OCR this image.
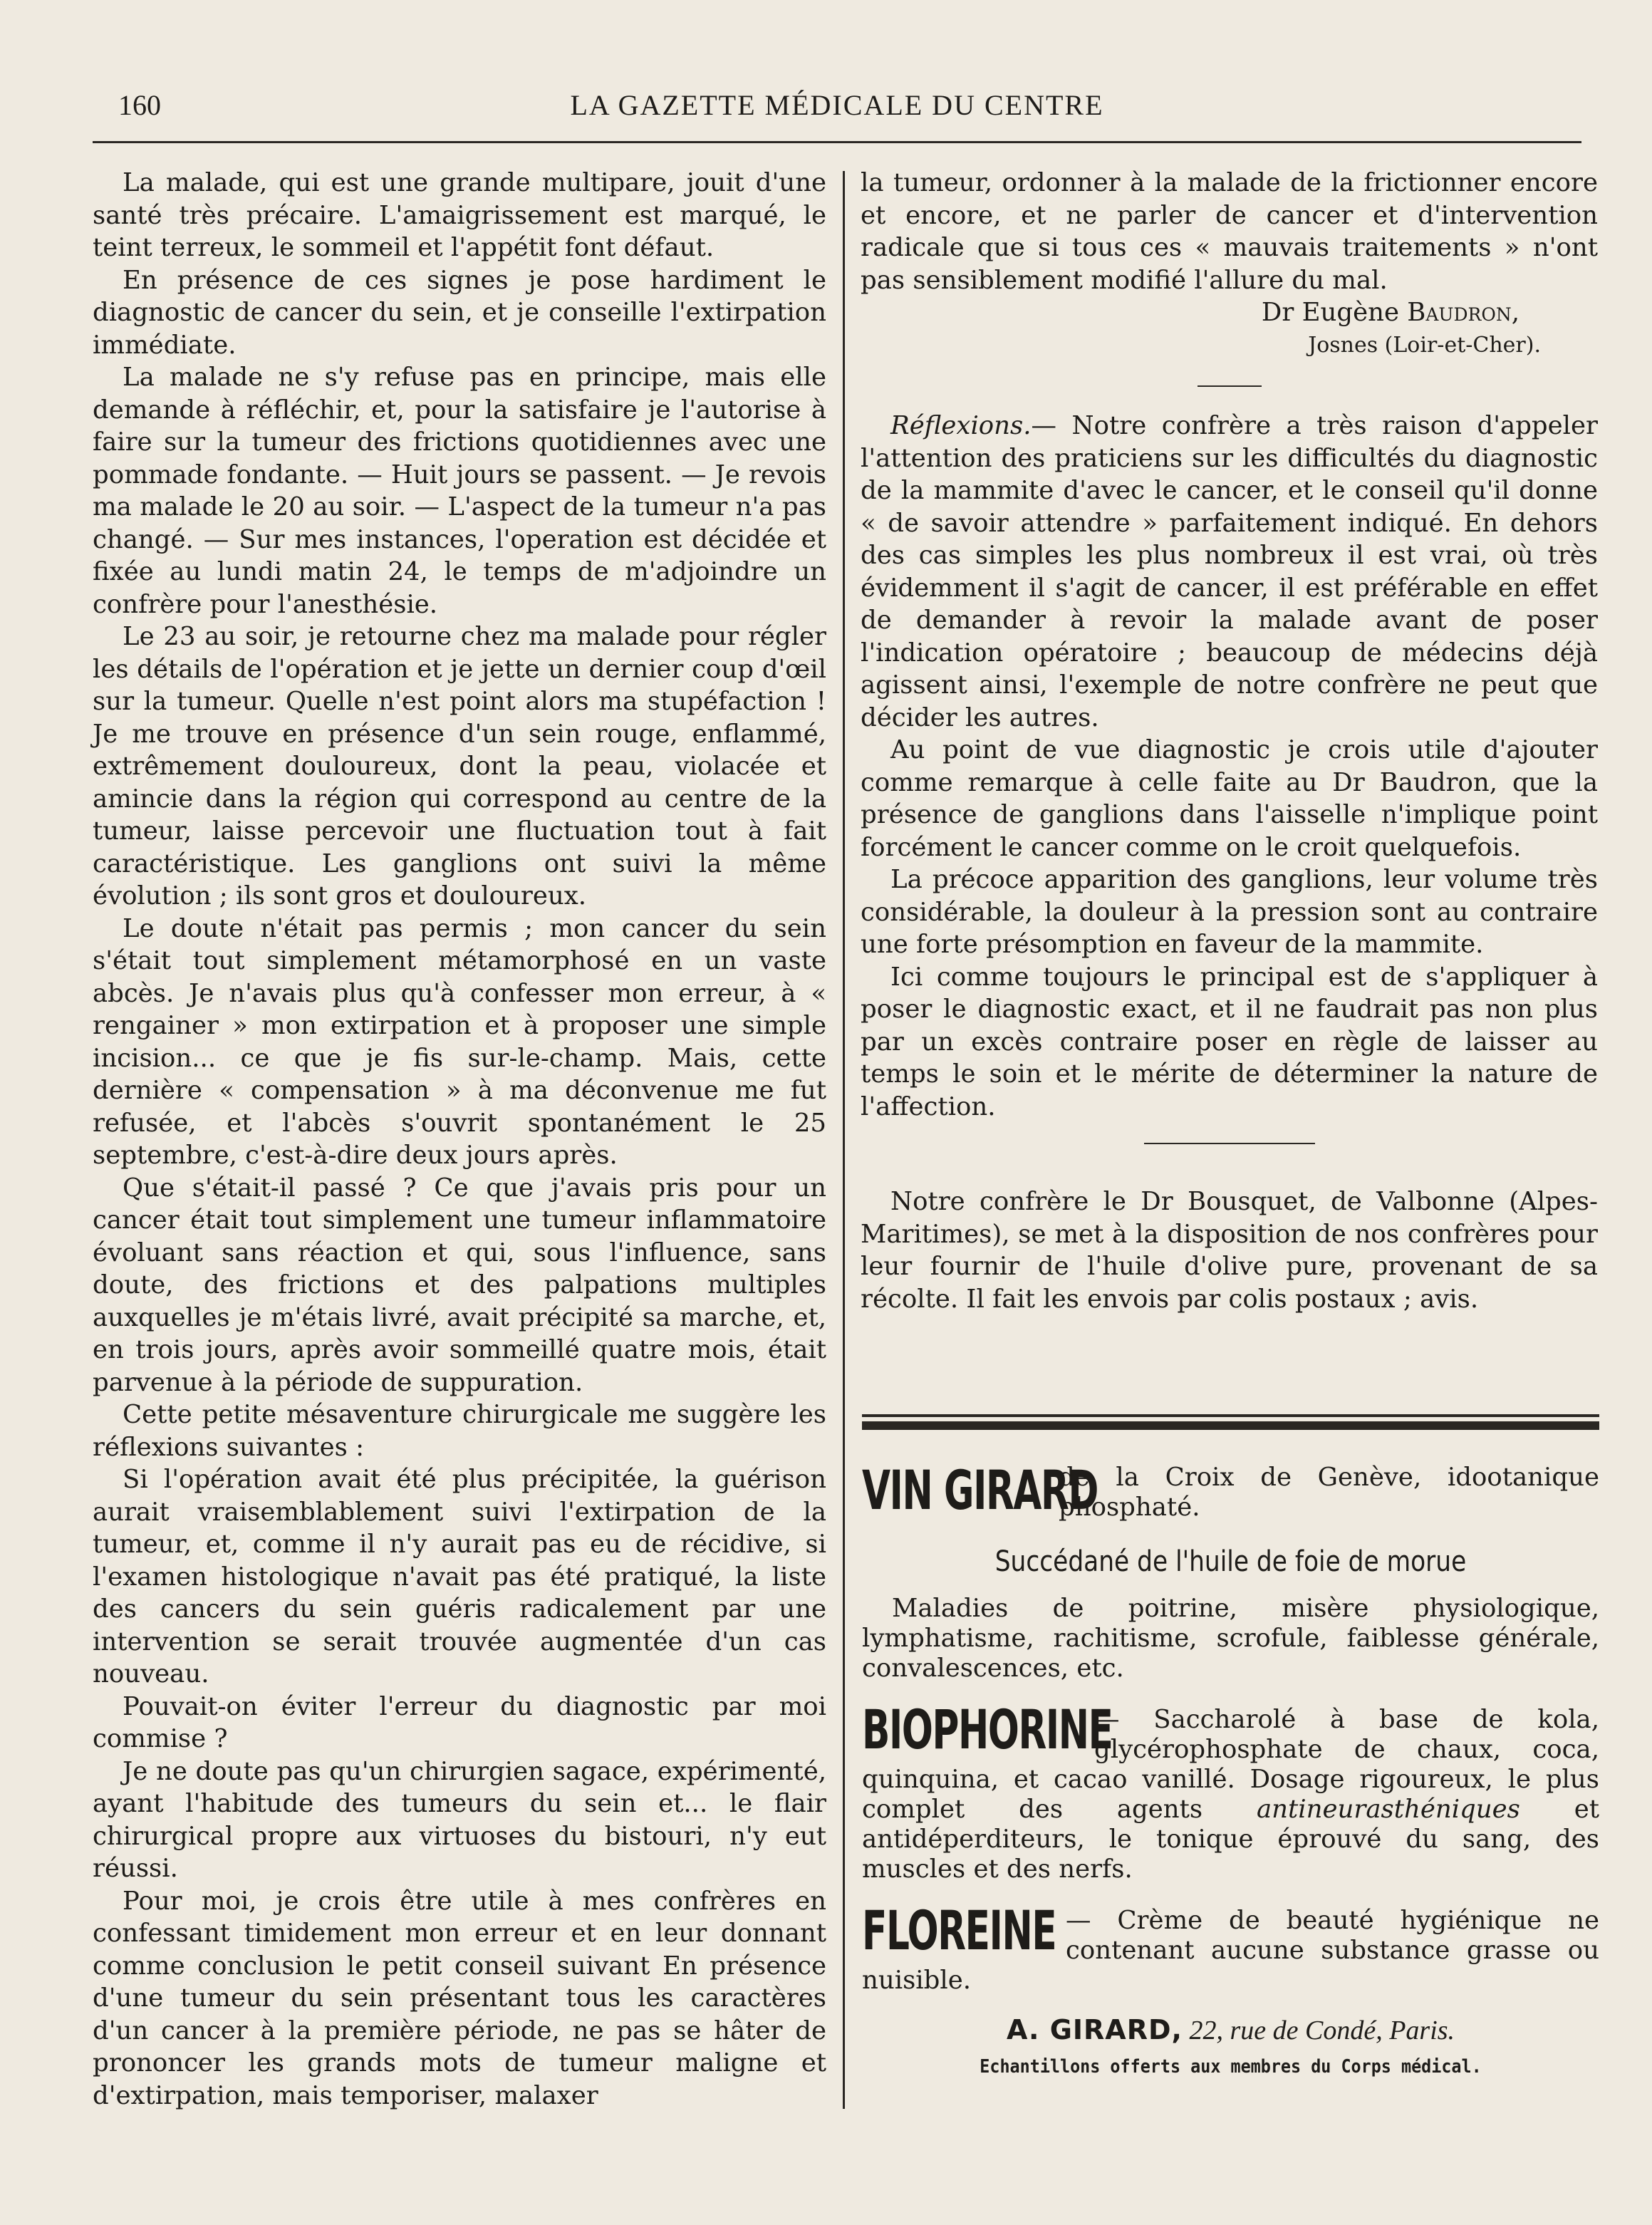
160	LA GAZETTE MÉDICALE DU CENTRE

La malade, qui est une grande multipare, jouit d'une santé très précaire. L'amaigrissement est marqué, le teint terreux, le sommeil et l'appétit font défaut.

En présence de ces signes je pose hardiment le diagnostic de cancer du sein, et je conseille l'extirpation immédiate.

La malade ne s'y refuse pas en principe, mais elle demande à réfléchir, et, pour la satisfaire je l'autorise à faire sur la tumeur des frictions quotidiennes avec une pommade fondante. — Huit jours se passent. — Je revois ma malade le 20 au soir. — L'aspect de la tumeur n'a pas changé. — Sur mes instances, l'operation est décidée et fixée au lundi matin 24, le temps de m'adjoindre un confrère pour l'anesthésie.

Le 23 au soir, je retourne chez ma malade pour régler les détails de l'opération et je jette un dernier coup d'œil sur la tumeur. Quelle n'est point alors ma stupéfaction ! Je me trouve en présence d'un sein rouge, enflammé, extrêmement douloureux, dont la peau, violacée et amincie dans la région qui correspond au centre de la tumeur, laisse percevoir une fluctuation tout à fait caractéristique. Les ganglions ont suivi la même évolution ; ils sont gros et douloureux.

Le doute n'était pas permis ; mon cancer du sein s'était tout simplement métamorphosé en un vaste abcès. Je n'avais plus qu'à confesser mon erreur, à « rengainer » mon extirpation et à proposer une simple incision... ce que je fis sur-le-champ. Mais, cette dernière « compensation » à ma déconvenue me fut refusée, et l'abcès s'ouvrit spontanément le 25 septembre, c'est-à-dire deux jours après.

Que s'était-il passé ? Ce que j'avais pris pour un cancer était tout simplement une tumeur inflammatoire évoluant sans réaction et qui, sous l'influence, sans doute, des frictions et des palpations multiples auxquelles je m'étais livré, avait précipité sa marche, et, en trois jours, après avoir sommeillé quatre mois, était parvenue à la période de suppuration.

Cette petite mésaventure chirurgicale me suggère les réflexions suivantes :

Si l'opération avait été plus précipitée, la guérison aurait vraisemblablement suivi l'extirpation de la tumeur, et, comme il n'y aurait pas eu de récidive, si l'examen histologique n'avait pas été pratiqué, la liste des cancers du sein guéris radicalement par une intervention se serait trouvée augmentée d'un cas nouveau.

Pouvait-on éviter l'erreur du diagnostic par moi commise ?

Je ne doute pas qu'un chirurgien sagace, expérimenté, ayant l'habitude des tumeurs du sein et... le flair chirurgical propre aux virtuoses du bistouri, n'y eut réussi.

Pour moi, je crois être utile à mes confrères en confessant timidement mon erreur et en leur donnant comme conclusion le petit conseil suivant En présence d'une tumeur du sein présentant tous les caractères d'un cancer à la première période, ne pas se hâter de prononcer les grands mots de tumeur maligne et d'extirpation, mais temporiser, malaxer

la tumeur, ordonner à la malade de la frictionner encore et encore, et ne parler de cancer et d'intervention radicale que si tous ces « mauvais traitements » n'ont pas sensiblement modifié l'allure du mal.

Dr Eugène Baudron,

Josnes (Loir-et-Cher).

Réflexions.— Notre confrère a très raison d'appeler l'attention des praticiens sur les difficultés du diagnostic de la mammite d'avec le cancer, et le conseil qu'il donne « de savoir attendre » parfaitement indiqué. En dehors des cas simples les plus nombreux il est vrai, où très évidemment il s'agit de cancer, il est préférable en effet de demander à revoir la malade avant de poser l'indication opératoire ; beaucoup de médecins déjà agissent ainsi, l'exemple de notre confrère ne peut que décider les autres.

Au point de vue diagnostic je crois utile d'ajouter comme remarque à celle faite au Dr Baudron, que la présence de ganglions dans l'aisselle n'implique point forcément le cancer comme on le croit quelquefois.

La précoce apparition des ganglions, leur volume très considérable, la douleur à la pression sont au contraire une forte présomption en faveur de la mammite.

Ici comme toujours le principal est de s'appliquer à poser le diagnostic exact, et il ne faudrait pas non plus par un excès contraire poser en règle de laisser au temps le soin et le mérite de déterminer la nature de l'affection.

Notre confrère le Dr Bousquet, de Valbonne (Alpes-Maritimes), se met à la disposition de nos confrères pour leur fournir de l'huile d'olive pure, provenant de sa récolte. Il fait les envois par colis postaux ; avis.

VIN GIRARD
de la Croix de Genève, idootanique phosphaté.
Succédané de l'huile de foie de morue

Maladies de poitrine, misère physiologique, lymphatisme, rachitisme, scrofule, faiblesse générale, convalescences, etc.

BIOPHORINE
— Saccharolé à base de kola, glycérophosphate de chaux, coca, quinquina, et cacao vanillé. Dosage rigoureux, le plus complet des agents antineurasthéniques et antidéperditeurs, le tonique éprouvé du sang, des muscles et des nerfs.

FLOREINE — Crème de beauté hygiénique ne contenant aucune substance grasse ou nuisible.

A. GIRARD, 22, rue de Condé, Paris.
Echantillons offerts aux membres du Corps médical.
